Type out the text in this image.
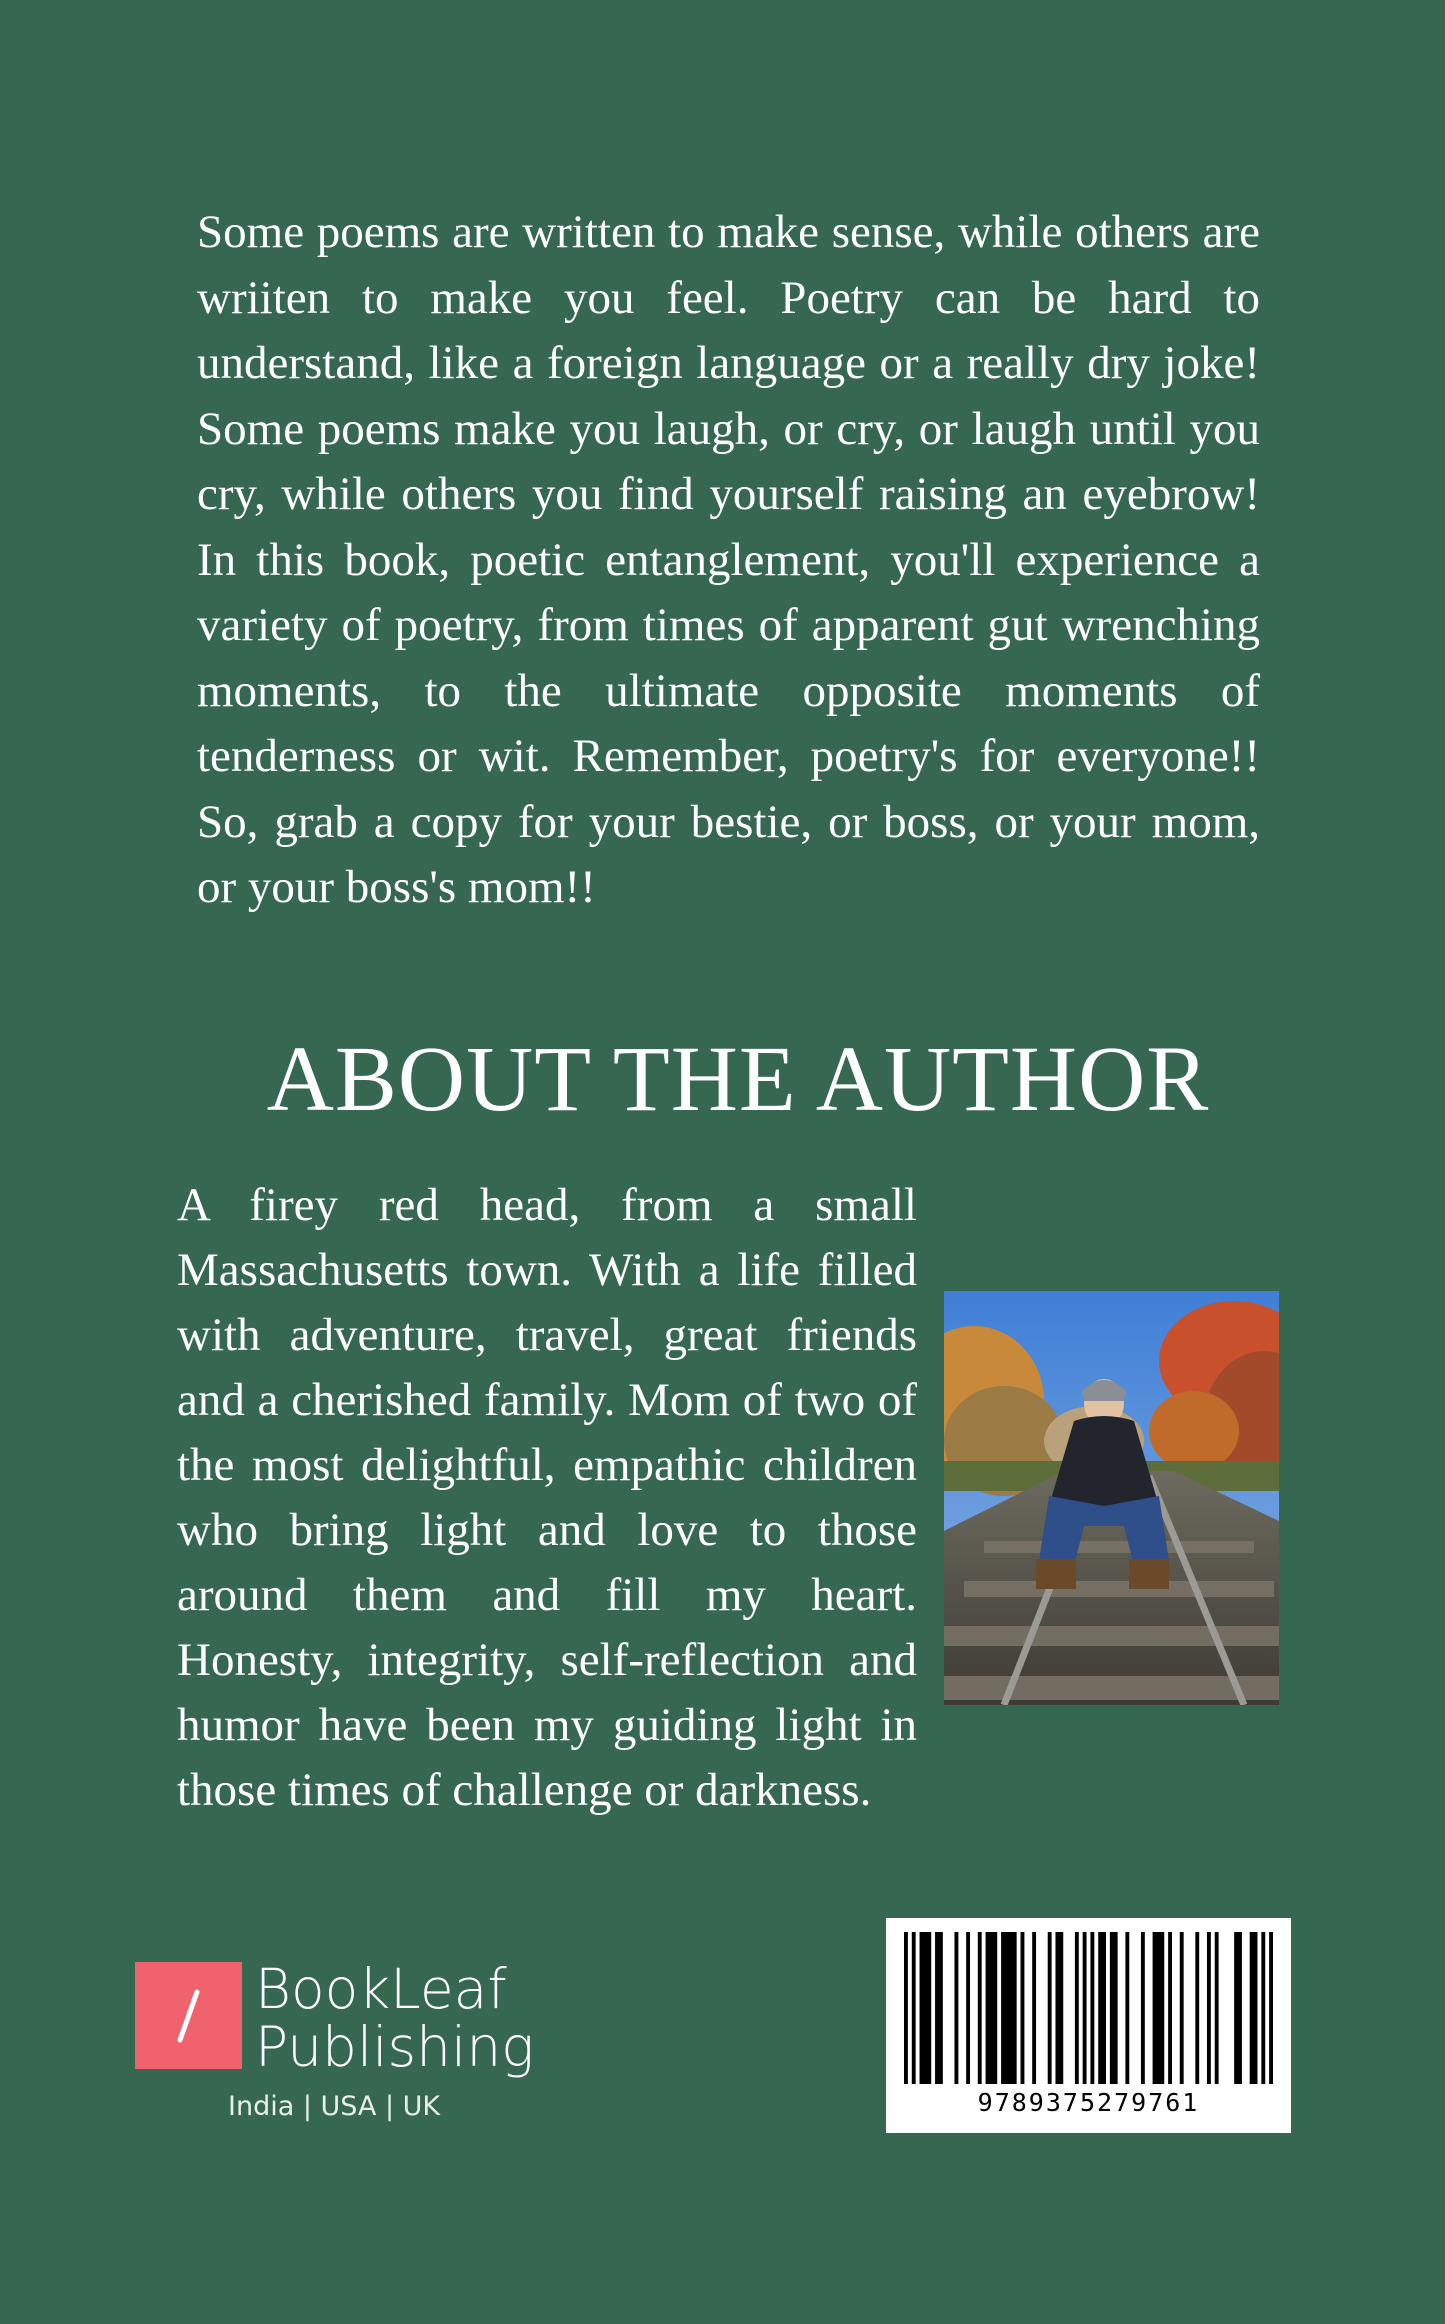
Some poems are written to make sense, while others are wriiten to make you feel. Poetry can be hard to understand, like a foreign language or a really dry joke! Some poems make you laugh, or cry, or laugh until you cry, while others you find yourself raising an eyebrow! In this book, poetic entanglement, you'll experience a variety of poetry, from times of apparent gut wrenching moments, to the ultimate opposite moments of tenderness or wit. Remember, poetry's for everyone!! So, grab a copy for your bestie, or boss, or your mom, or your boss's mom!!

ABOUT THE AUTHOR

A firey red head, from a small Massachusetts town. With a life filled with adventure, travel, great friends and a cherished family. Mom of two of the most delightful, empathic children who bring light and love to those around them and fill my heart. Honesty, integrity, self-reflection and humor have been my guiding light in those times of challenge or darkness.

BookLeaf
Publishing
India | USA | UK	9789375279761
